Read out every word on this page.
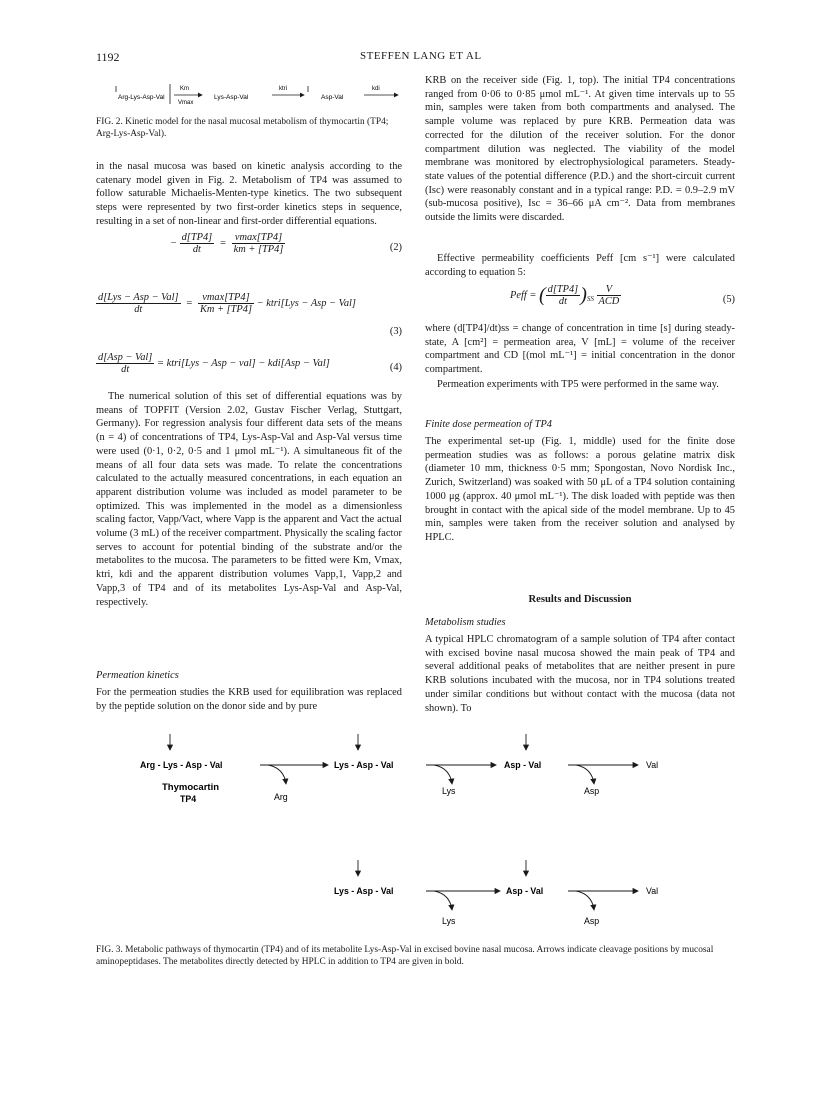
1192	STEFFEN LANG ET AL
Arg-Lys-Asp-Val
Km
Vmax
Lys-Asp-Val
ktri
Asp-Val
kdi
FIG. 2. Kinetic model for the nasal mucosal metabolism of thymocartin (TP4; Arg-Lys-Asp-Val).

in the nasal mucosa was based on kinetic analysis according to the catenary model given in Fig. 2. Metabolism of TP4 was assumed to follow saturable Michaelis-Menten-type kinetics. The two subsequent steps were represented by two first-order kinetics steps in sequence, resulting in a set of non-linear and first-order differential equations.

− $\frac{d[TP4]}{dt} = \frac{vmax[TP4]}{km + [TP4]}$	(2)
$\frac{\text{d[Lys − Asp − Val]}}{dt} = \frac{vmax[TP4]}{Km + [TP4]}$ − ktri[Lys − Asp − Val]
(3)
$\frac{\text{d[Asp − Val]}}{dt}$ = ktri[Lys − Asp − val] − kdi[Asp − Val]	(4)

The numerical solution of this set of differential equations was by means of TOPFIT (Version 2.02, Gustav Fischer Verlag, Stuttgart, Germany). For regression analysis four different data sets of the means (n = 4) of concentrations of TP4, Lys-Asp-Val and Asp-Val versus time were used (0·1, 0·2, 0·5 and 1 μmol mL⁻¹). A simultaneous fit of the means of all four data sets was made. To relate the concentrations calculated to the actually measured concentrations, in each equation an apparent distribution volume was included as model parameter to be optimized. This was implemented in the model as a dimensionless scaling factor, Vapp/Vact, where Vapp is the apparent and Vact the actual volume (3 mL) of the receiver compartment. Physically the scaling factor serves to account for potential binding of the substrate and/or the metabolites to the mucosa. The parameters to be fitted were Km, Vmax, ktri, kdi and the apparent distribution volumes Vapp,1, Vapp,2 and Vapp,3 of TP4 and of its metabolites Lys-Asp-Val and Asp-Val, respectively.

Permeation kinetics

For the permeation studies the KRB used for equilibration was replaced by the peptide solution on the donor side and by pure

KRB on the receiver side (Fig. 1, top). The initial TP4 concentrations ranged from 0·06 to 0·85 μmol mL⁻¹. At given time intervals up to 55 min, samples were taken from both compartments and analysed. The sample volume was replaced by pure KRB. Permeation data was corrected for the dilution of the receiver solution. For the donor compartment dilution was neglected. The viability of the model membrane was monitored by electrophysiological parameters. Steady-state values of the potential difference (P.D.) and the short-circuit current (Isc) were reasonably constant and in a typical range: P.D. = 0.9–2.9 mV (sub-mucosa positive), Isc = 36–66 μA cm⁻². Data from membranes outside the limits were discarded.

Effective permeability coefficients Peff [cm s⁻¹] were calculated according to equation 5:

Peff = ( $\frac{d[TP4]}{dt} )_{SS} \frac{V}{\text{ACD}}$	(5)

where (d[TP4]/dt)ss = change of concentration in time [s] during steady-state, A [cm²] = permeation area, V [mL] = volume of the receiver compartment and CD [(mol mL⁻¹] = initial concentration in the donor compartment.

Permeation experiments with TP5 were performed in the same way.

Finite dose permeation of TP4

The experimental set-up (Fig. 1, middle) used for the finite dose permeation studies was as follows: a porous gelatine matrix disk (diameter 10 mm, thickness 0·5 mm; Spongostan, Novo Nordisk Inc., Zurich, Switzerland) was soaked with 50 μL of a TP4 solution containing 1000 μg (approx. 40 μmol mL⁻¹). The disk loaded with peptide was then brought in contact with the apical side of the model membrane. Up to 45 min, samples were taken from the receiver solution and analysed by HPLC.

Results and Discussion
Metabolism studies

A typical HPLC chromatogram of a sample solution of TP4 after contact with excised bovine nasal mucosa showed the main peak of TP4 and several additional peaks of metabolites that are neither present in pure KRB solutions incubated with the mucosa, nor in TP4 solutions treated under similar conditions but without contact with the mucosa (data not shown). To

Arg - Lys - Asp - Val	Lys - Asp - Val	Asp - Val	Val
Arg
Lys	Asp
Thymocartin
TP4
Lys - Asp - Val	Asp - Val	Val
Lys	Asp
FIG. 3. Metabolic pathways of thymocartin (TP4) and of its metabolite Lys-Asp-Val in excised bovine nasal mucosa. Arrows indicate cleavage positions by mucosal aminopeptidases. The metabolites directly detected by HPLC in addition to TP4 are given in bold.
